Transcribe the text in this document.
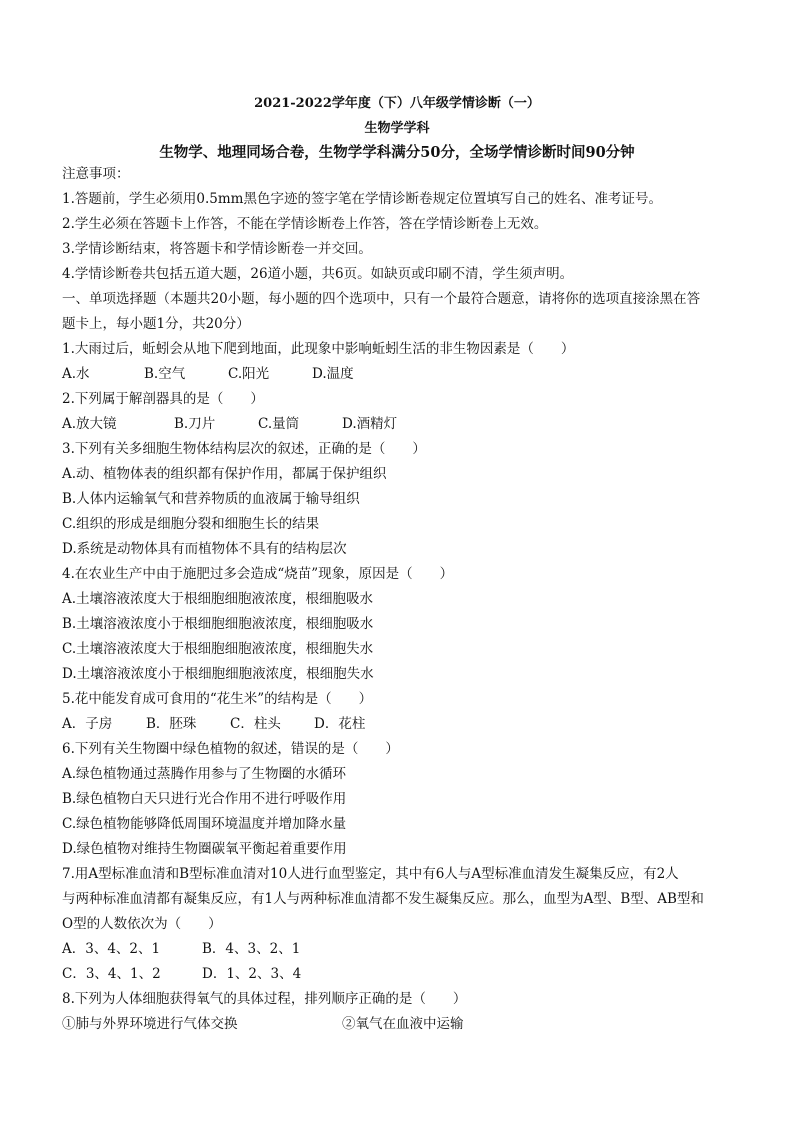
2021-2022学年度（下）八年级学情诊断（一）
生物学学科
生物学、地理同场合卷，生物学学科满分50分，全场学情诊断时间90分钟
注意事项：
1.答题前，学生必须用0.5mm黑色字迹的签字笔在学情诊断卷规定位置填写自己的姓名、准考证号。
2.学生必须在答题卡上作答，不能在学情诊断卷上作答，答在学情诊断卷上无效。
3.学情诊断结束，将答题卡和学情诊断卷一并交回。
4.学情诊断卷共包括五道大题，26道小题，共6页。如缺页或印刷不清，学生须声明。
一、单项选择题（本题共20小题，每小题的四个选项中，只有一个最符合题意，请将你的选项直接涂黑在答
题卡上，每小题1分，共20分）
1.大雨过后，蚯蚓会从地下爬到地面，此现象中影响蚯蚓生活的非生物因素是（　　）
A.水	B.空气	C.阳光	D.温度
2.下列属于解剖器具的是（　　）
A.放大镜	B.刀片	C.量筒	D.酒精灯
3.下列有关多细胞生物体结构层次的叙述，正确的是（　　）
A.动、植物体表的组织都有保护作用，都属于保护组织
B.人体内运输氧气和营养物质的血液属于输导组织
C.组织的形成是细胞分裂和细胞生长的结果
D.系统是动物体具有而植物体不具有的结构层次
4.在农业生产中由于施肥过多会造成“烧苗”现象，原因是（　　）
A.土壤溶液浓度大于根细胞细胞液浓度，根细胞吸水
B.土壤溶液浓度小于根细胞细胞液浓度，根细胞吸水
C.土壤溶液浓度大于根细胞细胞液浓度，根细胞失水
D.土壤溶液浓度小于根细胞细胞液浓度，根细胞失水
5.花中能发育成可食用的“花生米”的结构是（　　）
A．子房	B．胚珠	C．柱头	D．花柱
6.下列有关生物圈中绿色植物的叙述，错误的是（　　）
A.绿色植物通过蒸腾作用参与了生物圈的水循环
B.绿色植物白天只进行光合作用不进行呼吸作用
C.绿色植物能够降低周围环境温度并增加降水量
D.绿色植物对维持生物圈碳氧平衡起着重要作用
7.用A型标准血清和B型标准血清对10人进行血型鉴定，其中有6人与A型标准血清发生凝集反应，有2人
与两种标准血清都有凝集反应，有1人与两种标准血清都不发生凝集反应。那么，血型为A型、B型、AB型和
O型的人数依次为（　　）
A．3、4、2、1	B．4、3、2、1
C．3、4、1、2	D．1、2、3、4
8.下列为人体细胞获得氧气的具体过程，排列顺序正确的是（　　）
①肺与外界环境进行气体交换	②氧气在血液中运输
